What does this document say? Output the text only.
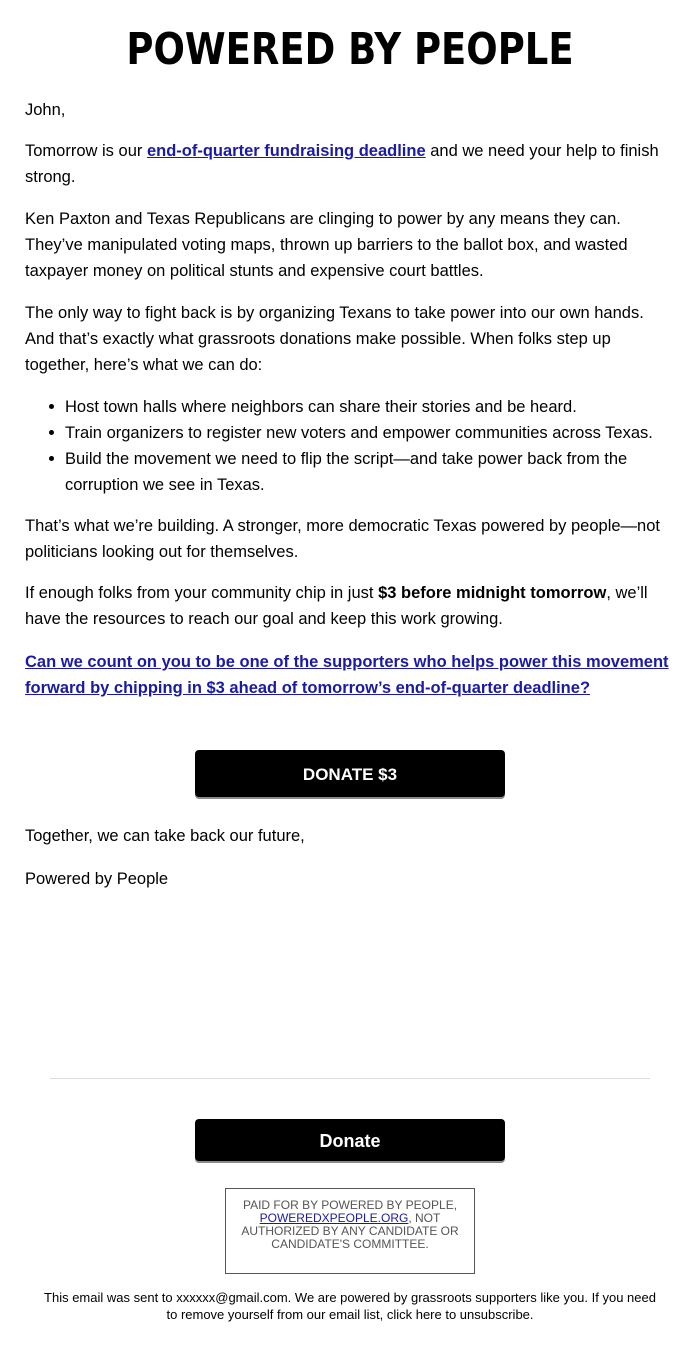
POWERED BY PEOPLE

John,

Tomorrow is our end-of-quarter fundraising deadline and we need your help to finish strong.

Ken Paxton and Texas Republicans are clinging to power by any means they can. They’ve manipulated voting maps, thrown up barriers to the ballot box, and wasted taxpayer money on political stunts and expensive court battles.

The only way to fight back is by organizing Texans to take power into our own hands. And that’s exactly what grassroots donations make possible. When folks step up together, here’s what we can do:

Host town halls where neighbors can share their stories and be heard.
Train organizers to register new voters and empower communities across Texas.
Build the movement we need to flip the script—and take power back from the corruption we see in Texas.

That’s what we’re building. A stronger, more democratic Texas powered by people—not politicians looking out for themselves.

If enough folks from your community chip in just $3 before midnight tomorrow, we’ll have the resources to reach our goal and keep this work growing.

Can we count on you to be one of the supporters who helps power this movement forward by chipping in $3 ahead of tomorrow’s end-of-quarter deadline?

DONATE $3

Together, we can take back our future,

Powered by People

Donate
PAID FOR BY POWERED BY PEOPLE, POWEREDXPEOPLE.ORG, NOT AUTHORIZED BY ANY CANDIDATE OR CANDIDATE'S COMMITTEE.
This email was sent to xxxxxx@gmail.com. We are powered by grassroots supporters like you. If you need to remove yourself from our email list, click here to unsubscribe.
